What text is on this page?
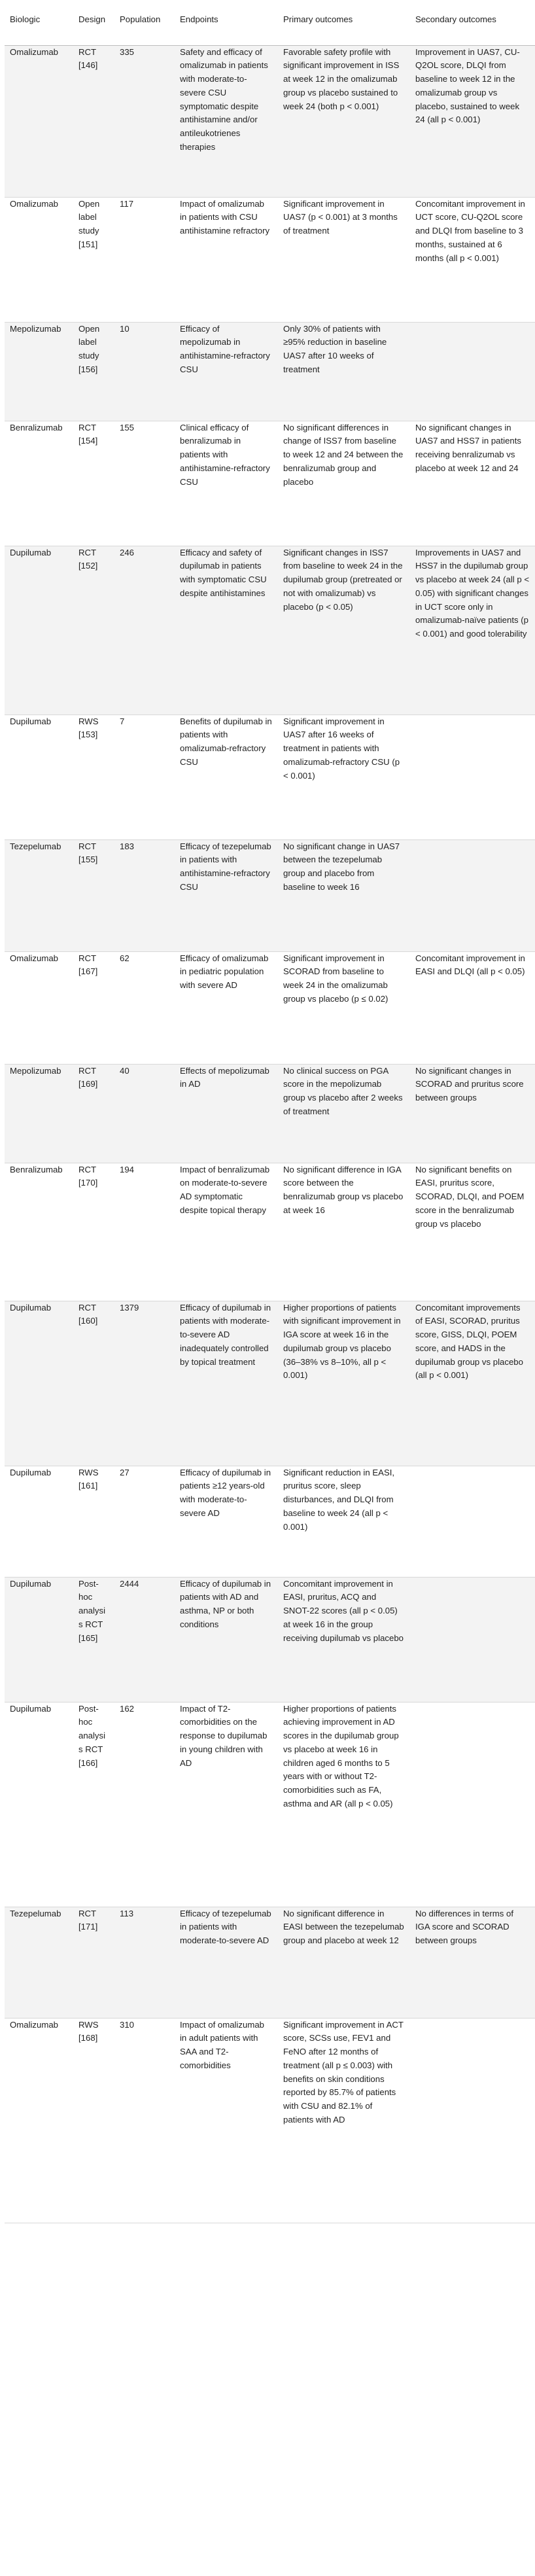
Biologic	Design	Population	Endpoints	Primary outcomes	Secondary outcomes
Omalizumab	RCT [146]	335	Safety and efficacy of omalizumab in patients with moderate-to-severe CSU symptomatic despite antihistamine and/or antileukotrienes therapies	Favorable safety profile with significant improvement in ISS at week 12 in the omalizumab group vs placebo sustained to week 24 (both p < 0.001)	Improvement in UAS7, CU-Q2OL score, DLQI from baseline to week 12 in the omalizumab group vs placebo, sustained to week 24 (all p < 0.001)
Omalizumab	Open label study [151]	117	Impact of omalizumab in patients with CSU antihistamine refractory	Significant improvement in UAS7 (p < 0.001) at 3 months of treatment	Concomitant improvement in UCT score, CU-Q2OL score and DLQI from baseline to 3 months, sustained at 6 months (all p < 0.001)
Mepolizumab	Open label study [156]	10	Efficacy of mepolizumab in antihistamine-refractory CSU	Only 30% of patients with ≥95% reduction in baseline UAS7 after 10 weeks of treatment	
Benralizumab	RCT [154]	155	Clinical efficacy of benralizumab in patients with antihistamine-refractory CSU	No significant differences in change of ISS7 from baseline to week 12 and 24 between the benralizumab group and placebo	No significant changes in UAS7 and HSS7 in patients receiving benralizumab vs placebo at week 12 and 24
Dupilumab	RCT [152]	246	Efficacy and safety of dupilumab in patients with symptomatic CSU despite antihistamines	Significant changes in ISS7 from baseline to week 24 in the dupilumab group (pretreated or not with omalizumab) vs placebo (p < 0.05)	Improvements in UAS7 and HSS7 in the dupilumab group vs placebo at week 24 (all p < 0.05) with significant changes in UCT score only in omalizumab-naïve patients (p < 0.001) and good tolerability
Dupilumab	RWS [153]	7	Benefits of dupilumab in patients with omalizumab-refractory CSU	Significant improvement in UAS7 after 16 weeks of treatment in patients with omalizumab-refractory CSU (p < 0.001)	
Tezepelumab	RCT [155]	183	Efficacy of tezepelumab in patients with antihistamine-refractory CSU	No significant change in UAS7 between the tezepelumab group and placebo from baseline to week 16	
Omalizumab	RCT [167]	62	Efficacy of omalizumab in pediatric population with severe AD	Significant improvement in SCORAD from baseline to week 24 in the omalizumab group vs placebo (p ≤ 0.02)	Concomitant improvement in EASI and DLQI (all p < 0.05)
Mepolizumab	RCT [169]	40	Effects of mepolizumab in AD	No clinical success on PGA score in the mepolizumab group vs placebo after 2 weeks of treatment	No significant changes in SCORAD and pruritus score between groups
Benralizumab	RCT [170]	194	Impact of benralizumab on moderate-to-severe AD symptomatic despite topical therapy	No significant difference in IGA score between the benralizumab group vs placebo at week 16	No significant benefits on EASI, pruritus score, SCORAD, DLQI, and POEM score in the benralizumab group vs placebo
Dupilumab	RCT [160]	1379	Efficacy of dupilumab in patients with moderate-to-severe AD inadequately controlled by topical treatment	Higher proportions of patients with significant improvement in IGA score at week 16 in the dupilumab group vs placebo (36–38% vs 8–10%, all p < 0.001)	Concomitant improvements of EASI, SCORAD, pruritus score, GISS, DLQI, POEM score, and HADS in the dupilumab group vs placebo (all p < 0.001)
Dupilumab	RWS [161]	27	Efficacy of dupilumab in patients ≥12 years-old with moderate-to-severe AD	Significant reduction in EASI, pruritus score, sleep disturbances, and DLQI from baseline to week 24 (all p < 0.001)	
Dupilumab	Post-hoc analysis RCT [165]	2444	Efficacy of dupilumab in patients with AD and asthma, NP or both conditions	Concomitant improvement in EASI, pruritus, ACQ and SNOT-22 scores (all p < 0.05) at week 16 in the group receiving dupilumab vs placebo	
Dupilumab	Post-hoc analysis RCT [166]	162	Impact of T2-comorbidities on the response to dupilumab in young children with AD	Higher proportions of patients achieving improvement in AD scores in the dupilumab group vs placebo at week 16 in children aged 6 months to 5 years with or without T2-comorbidities such as FA, asthma and AR (all p < 0.05)	
Tezepelumab	RCT [171]	113	Efficacy of tezepelumab in patients with moderate-to-severe AD	No significant difference in EASI between the tezepelumab group and placebo at week 12	No differences in terms of IGA score and SCORAD between groups
Omalizumab	RWS [168]	310	Impact of omalizumab in adult patients with SAA and T2-comorbidities	Significant improvement in ACT score, SCSs use, FEV1 and FeNO after 12 months of treatment (all p ≤ 0.003) with benefits on skin conditions reported by 85.7% of patients with CSU and 82.1% of patients with AD	
